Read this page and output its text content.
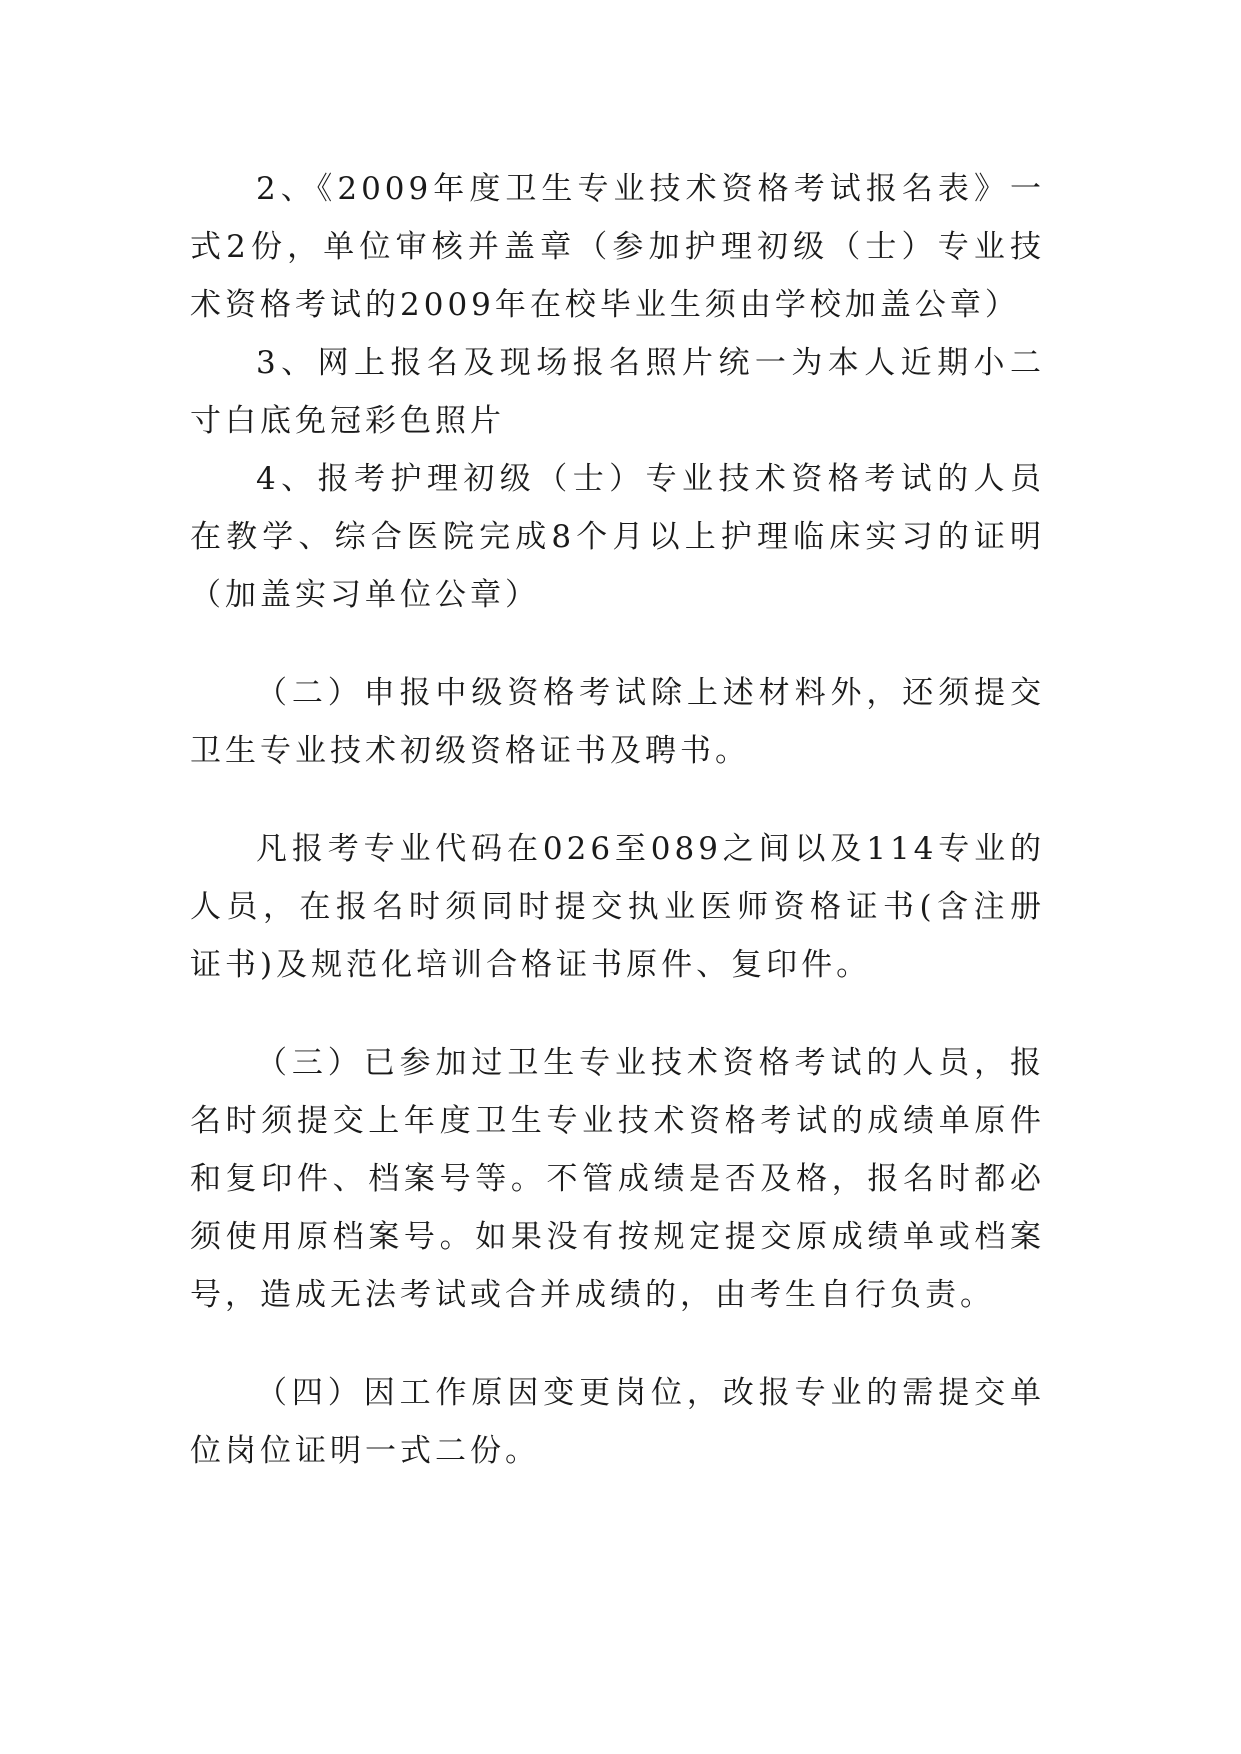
2、《2009年度卫生专业技术资格考试报名表》一式2份，单位审核并盖章（参加护理初级（士）专业技术资格考试的2009年在校毕业生须由学校加盖公章）

3、网上报名及现场报名照片统一为本人近期小二寸白底免冠彩色照片

4、报考护理初级（士）专业技术资格考试的人员在教学、综合医院完成8个月以上护理临床实习的证明（加盖实习单位公章）

（二）申报中级资格考试除上述材料外，还须提交卫生专业技术初级资格证书及聘书。

凡报考专业代码在026至089之间以及114专业的人员，在报名时须同时提交执业医师资格证书(含注册证书)及规范化培训合格证书原件、复印件。

（三）已参加过卫生专业技术资格考试的人员，报名时须提交上年度卫生专业技术资格考试的成绩单原件和复印件、档案号等。不管成绩是否及格，报名时都必须使用原档案号。如果没有按规定提交原成绩单或档案号，造成无法考试或合并成绩的，由考生自行负责。

（四）因工作原因变更岗位，改报专业的需提交单位岗位证明一式二份。
